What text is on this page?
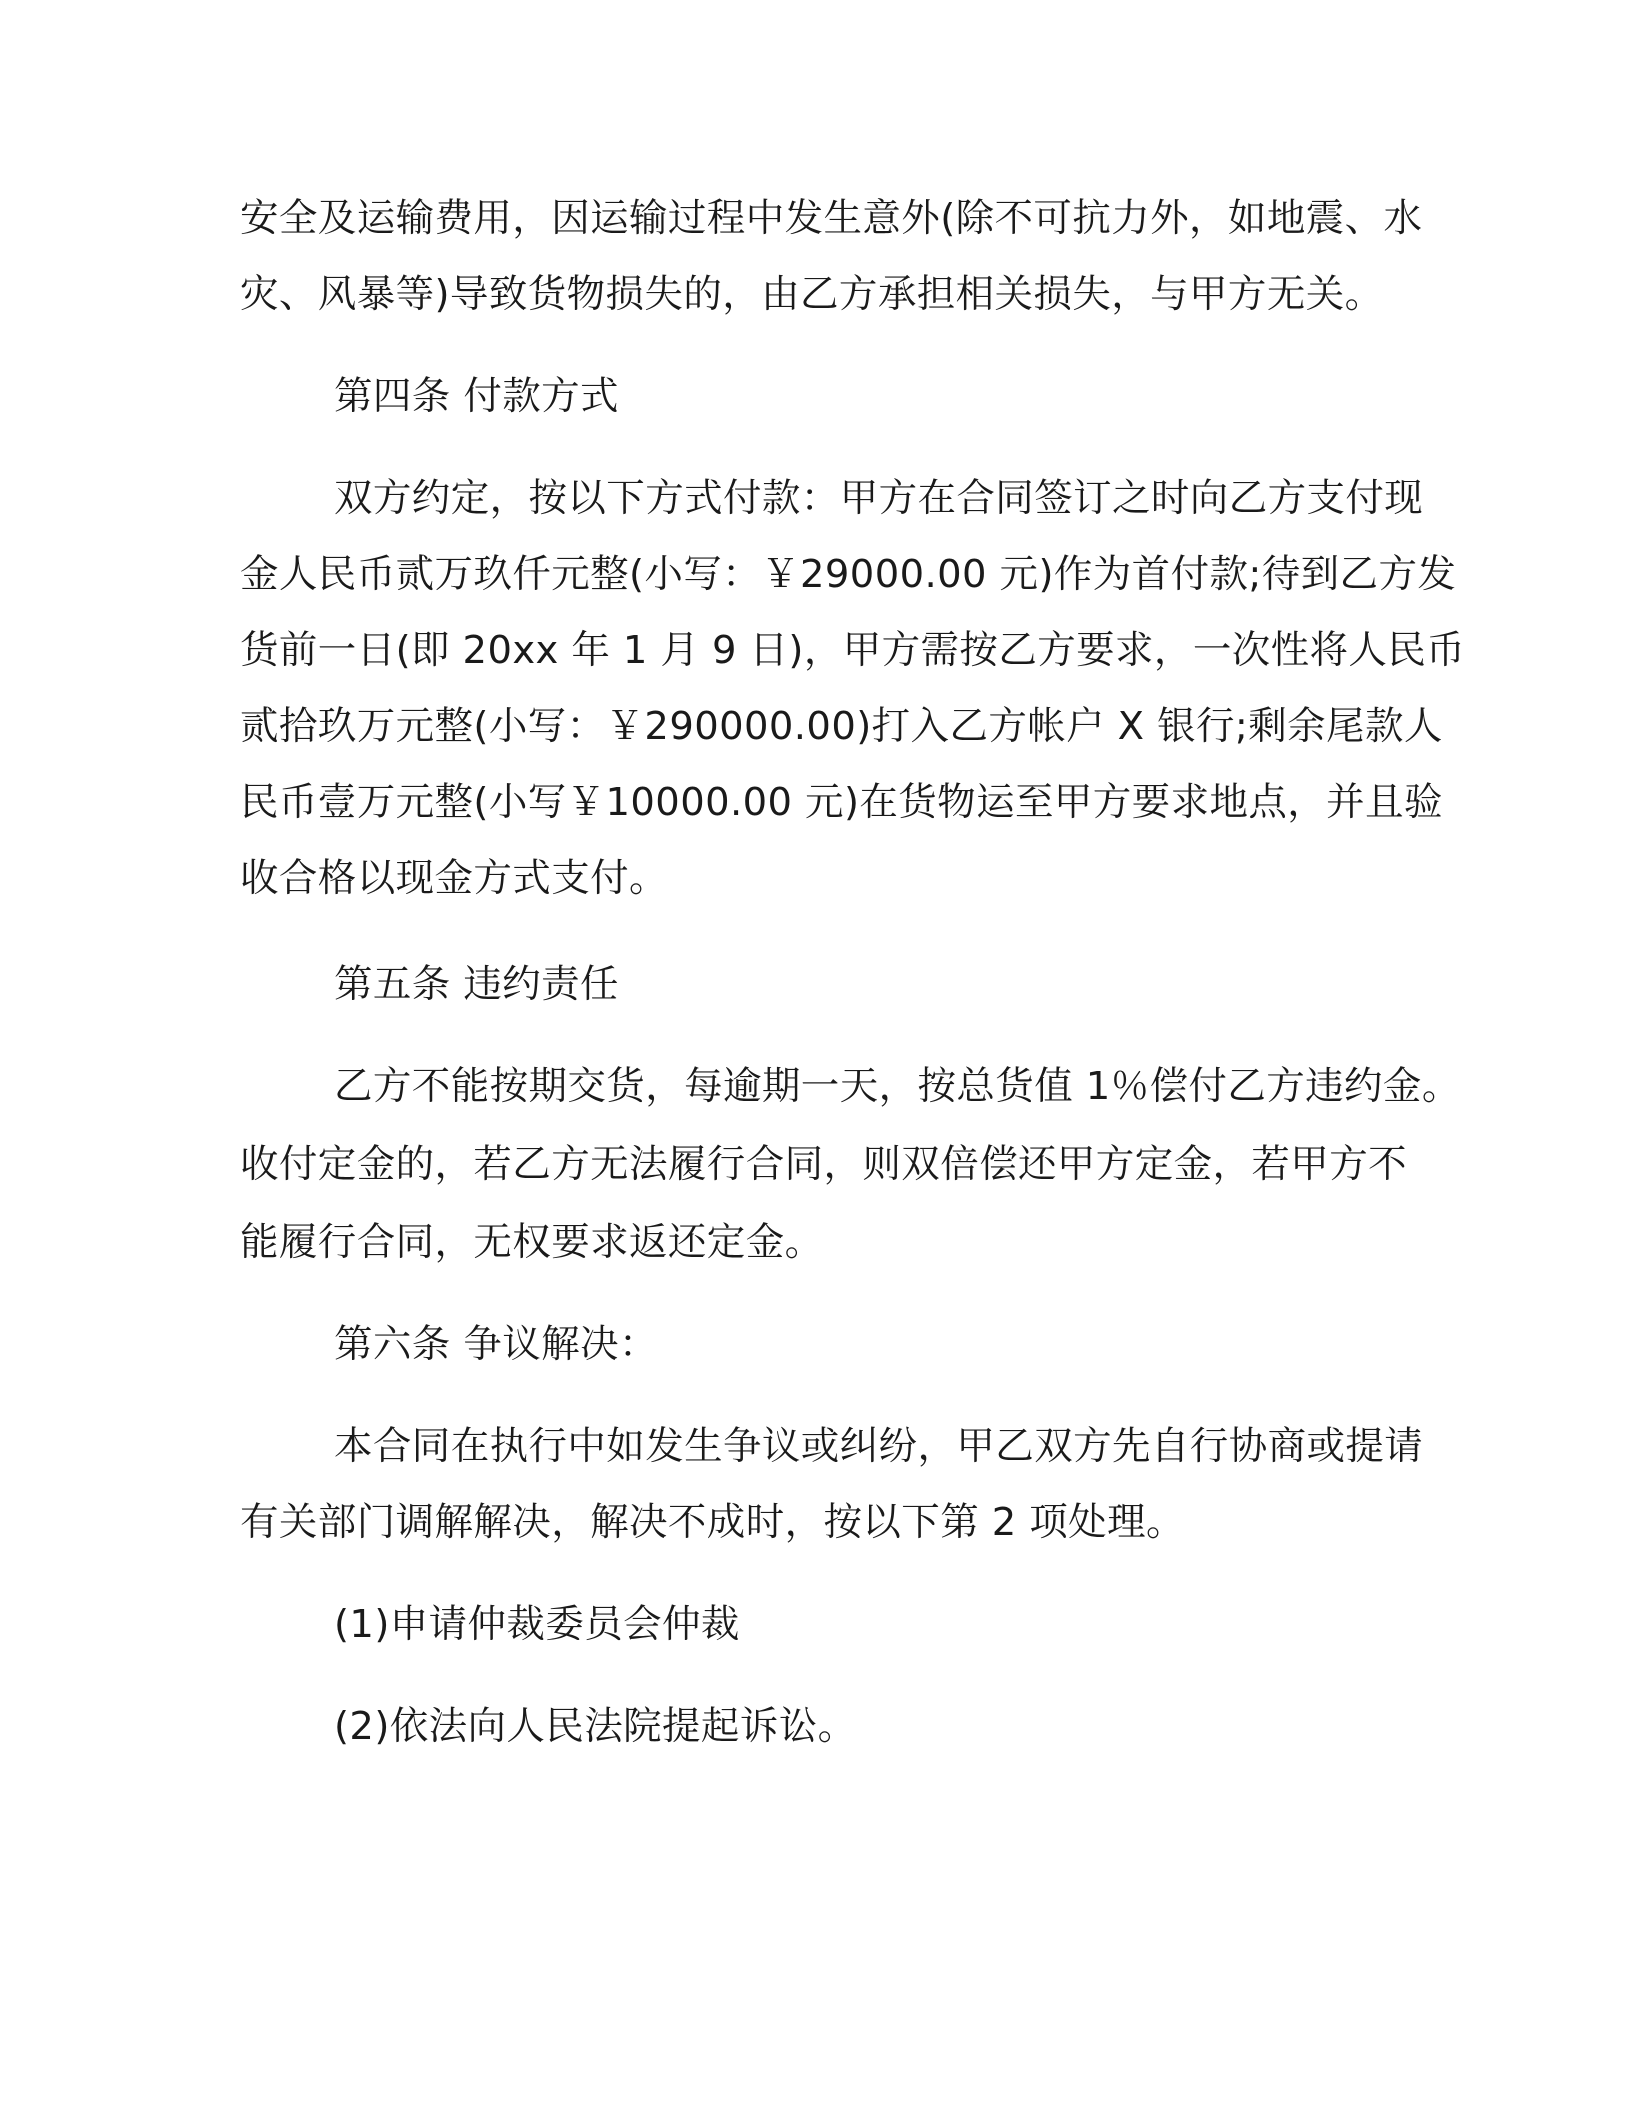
安全及运输费用，因运输过程中发生意外(除不可抗力外，如地震、水
灾、风暴等)导致货物损失的，由乙方承担相关损失，与甲方无关。
第四条 付款方式
双方约定，按以下方式付款：甲方在合同签订之时向乙方支付现
金人民币贰万玖仟元整(小写：￥29000.00 元)作为首付款;待到乙方发
货前一日(即 20xx 年 1 月 9 日)，甲方需按乙方要求，一次性将人民币
贰拾玖万元整(小写：￥290000.00)打入乙方帐户 X 银行;剩余尾款人
民币壹万元整(小写￥10000.00 元)在货物运至甲方要求地点，并且验
收合格以现金方式支付。
第五条 违约责任
乙方不能按期交货，每逾期一天，按总货值 1％偿付乙方违约金。
收付定金的，若乙方无法履行合同，则双倍偿还甲方定金，若甲方不
能履行合同，无权要求返还定金。
第六条 争议解决：
本合同在执行中如发生争议或纠纷，甲乙双方先自行协商或提请
有关部门调解解决，解决不成时，按以下第 2 项处理。
(1)申请仲裁委员会仲裁
(2)依法向人民法院提起诉讼。
